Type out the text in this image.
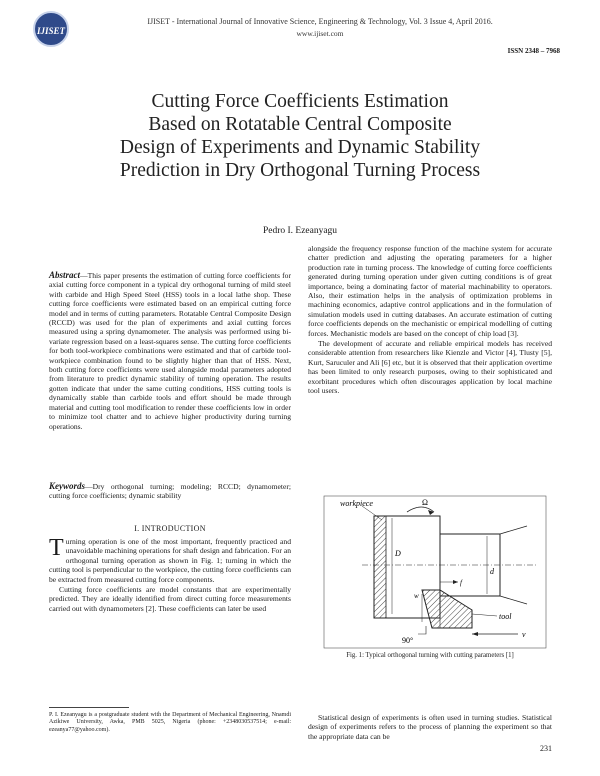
IJISET
IJISET - International Journal of Innovative Science, Engineering & Technology, Vol. 3 Issue 4, April 2016.
www.ijiset.com
ISSN 2348 – 7968
Cutting Force Coefficients Estimation
Based on Rotatable Central Composite
Design of Experiments and Dynamic Stability
Prediction in Dry Orthogonal Turning Process
Pedro I. Ezeanyagu
Abstract—This paper presents the estimation of cutting force coefficients for axial cutting force component in a typical dry orthogonal turning of mild steel with carbide and High Speed Steel (HSS) tools in a local lathe shop. These cutting force coefficients were estimated based on an empirical cutting force model and in terms of cutting parameters. Rotatable Central Composite Design (RCCD) was used for the plan of experiments and axial cutting forces measured using a spring dynamometer. The analysis was performed using bi-variate regression based on a least-squares sense. The cutting force coefficients for both tool-workpiece combinations were estimated and that of carbide tool-workpiece combination found to be slightly higher than that of HSS. Next, both cutting force coefficients were used alongside modal parameters adopted from literature to predict dynamic stability of turning operation. The results gotten indicate that under the same cutting conditions, HSS cutting tools is dynamically stable than carbide tools and effort should be made through material and cutting tool modification to render these coefficients low in order to minimize tool chatter and to achieve higher productivity during turning operations.
Keywords—Dry orthogonal turning; modeling; RCCD; dynamometer; cutting force coefficients; dynamic stability
I. INTRODUCTION

Turning operation is one of the most important, frequently practiced and unavoidable machining operations for shaft design and fabrication. For an orthogonal turning operation as shown in Fig. 1; turning in which the cutting tool is perpendicular to the workpiece, the cutting force coefficients can be extracted from measured cutting force components.

Cutting force coefficients are model constants that are experimentally predicted. They are ideally identified from direct cutting force measurements carried out with dynamometers [2]. These coefficients can later be used

P. I. Ezeanyagu is a postgraduate student with the Department of Mechanical Engineering, Nnamdi Azikiwe University, Awka, PMB 5025, Nigeria (phone: +2348030537514; e-mail: ezeanya77@yahoo.com).

alongside the frequency response function of the machine system for accurate chatter prediction and adjusting the operating parameters for a higher production rate in turning process. The knowledge of cutting force coefficients generated during turning operation under given cutting conditions is of great importance, being a dominating factor of material machinability to operators. Also, their estimation helps in the analysis of optimization problems in machining economics, adaptive control applications and in the formulation of simulation models used in cutting databases. An accurate estimation of cutting force coefficients depends on the mechanistic or empirical modelling of cutting forces. Mechanistic models are based on the concept of chip load [3].

The development of accurate and reliable empirical models has received considerable attention from researchers like Kienzle and Victor [4], Tlusty [5], Kurt, Saruculer and Ali [6] etc, but it is observed that their application overtime has been limited to only research purposes, owing to their sophisticated and exorbitant procedures which often discourages application by local machine tool users.

workpiece	Ω
D
d
f
w
tool
90°
v
Fig. 1: Typical orthogonal turning with cutting parameters [1]

Statistical design of experiments is often used in turning studies. Statistical design of experiments refers to the process of planning the experiment so that the appropriate data can be

231
